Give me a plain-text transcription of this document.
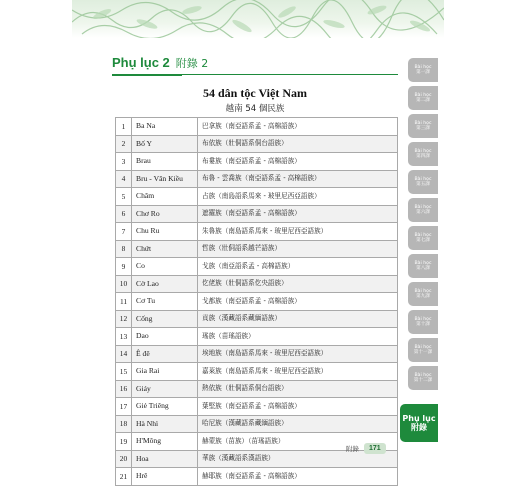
Phụ lục 2 附錄 2
54 dân tộc Việt Nam
越南 54 個民族
1	Ba Na	巴拿族（南亞語系孟 - 高棉語族）
2	Bố Y	布依族（壯侗語系侗台語族）
3	Brau	布婁族（南亞語系孟 - 高棉語族）
4	Bru - Vân Kiều	布魯 - 雲喬族（南亞語系孟 - 高棉語族）
5	Chăm	占族（南島語系馬來 - 玻里尼西亞語族）
6	Chơ Ro	遮羅族（南亞語系孟 - 高棉語族）
7	Chu Ru	朱魯族（南島語系馬來 - 玻里尼西亞語族）
8	Chứt	哲族（壯侗語系越芒語族）
9	Co	戈族（南亞語系孟 - 高棉語族）
10	Cờ Lao	仡佬族（壯侗語系仡央語族）
11	Cơ Tu	戈都族（南亞語系孟 - 高棉語族）
12	Cống	貢族（漢藏語系藏緬語族）
13	Dao	瑤族（苗瑤語族）
14	Ê đê	埃地族（南島語系馬來 - 玻里尼西亞語族）
15	Gia Rai	嘉萊族（南島語系馬來 - 玻里尼西亞語族）
16	Giáy	熱依族（壯侗語系侗台語族）
17	Giẻ Triêng	葉堅族（南亞語系孟 - 高棉語族）
18	Hà Nhì	哈尼族（漢藏語系藏緬語族）
19	H'Mông	赫蒙族（苗族）（苗瑤語族）
20	Hoa	華族（漢藏語系漢語族）
21	Hrê	赫耶族（南亞語系孟 - 高棉語族）
Bài học
第一課
Bài học
第二課
Bài học
第三課
Bài học
第四課
Bài học
第五課
Bài học
第六課
Bài học
第七課
Bài học
第八課
Bài học
第九課
Bài học
第十課
Bài học
第十一課
Bài học
第十二課
Phụ lục
附錄
附錄	171
